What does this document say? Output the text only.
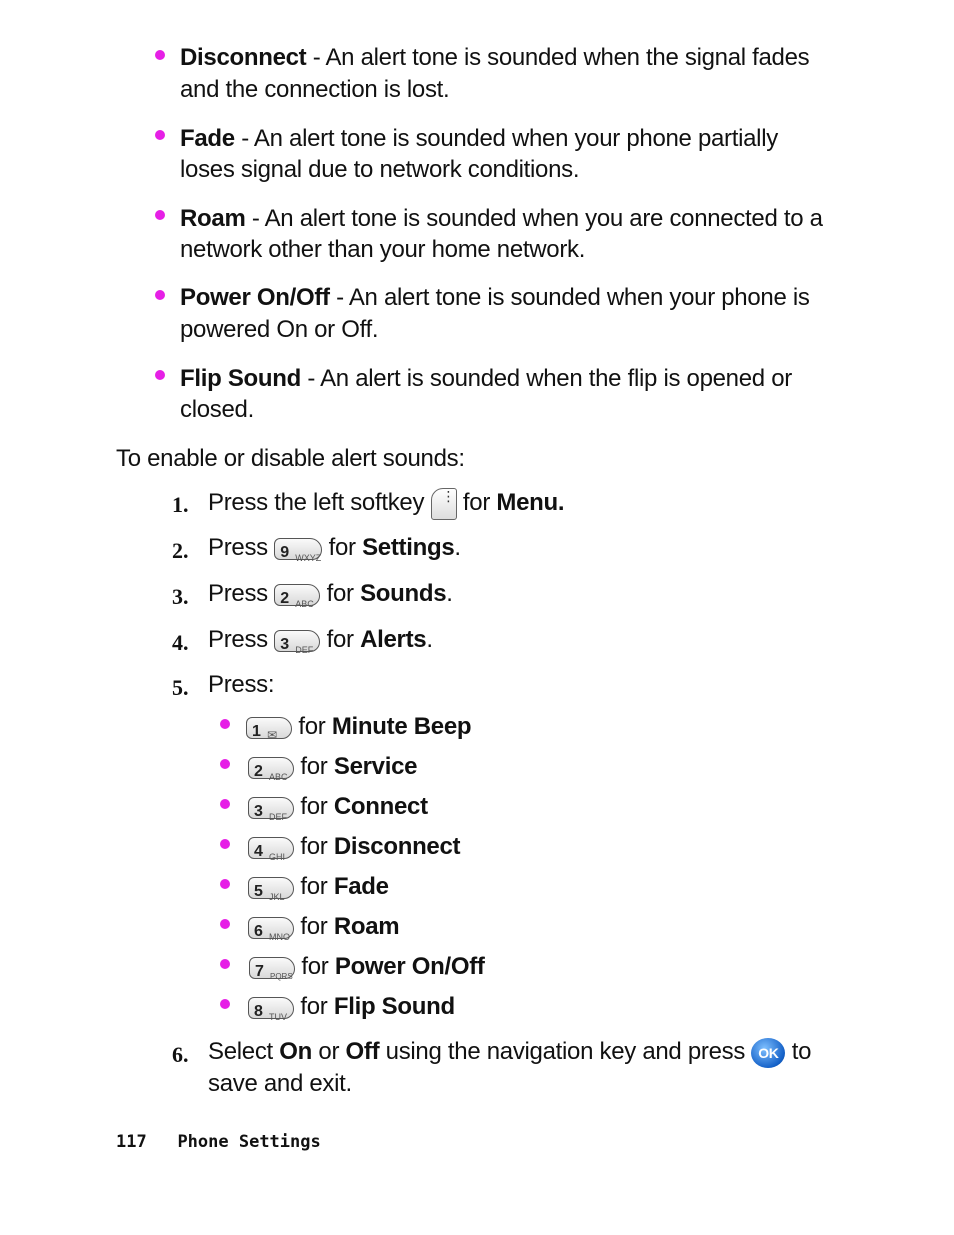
Disconnect - An alert tone is sounded when the signal fades
and the connection is lost.
Fade - An alert tone is sounded when your phone partially
loses signal due to network conditions.
Roam - An alert tone is sounded when you are connected to a
network other than your home network.
Power On/Off - An alert tone is sounded when your phone is
powered On or Off.
Flip Sound - An alert is sounded when the flip is opened or
closed.
To enable or disable alert sounds:
1. Press the left softkey ⋮ for Menu.
2. Press 9 WXYZ for Settings.
3. Press 2 ABC for Sounds.
4. Press 3 DEF for Alerts.
5. Press:
1 ✉ for Minute Beep
2 ABC for Service
3 DEF for Connect
4 GHI for Disconnect
5 JKL for Fade
6 MNO for Roam
7 PQRS for Power On/Off
8 TUV for Flip Sound
6. Select On or Off using the navigation key and press OK to
save and exit.
117 Phone Settings
